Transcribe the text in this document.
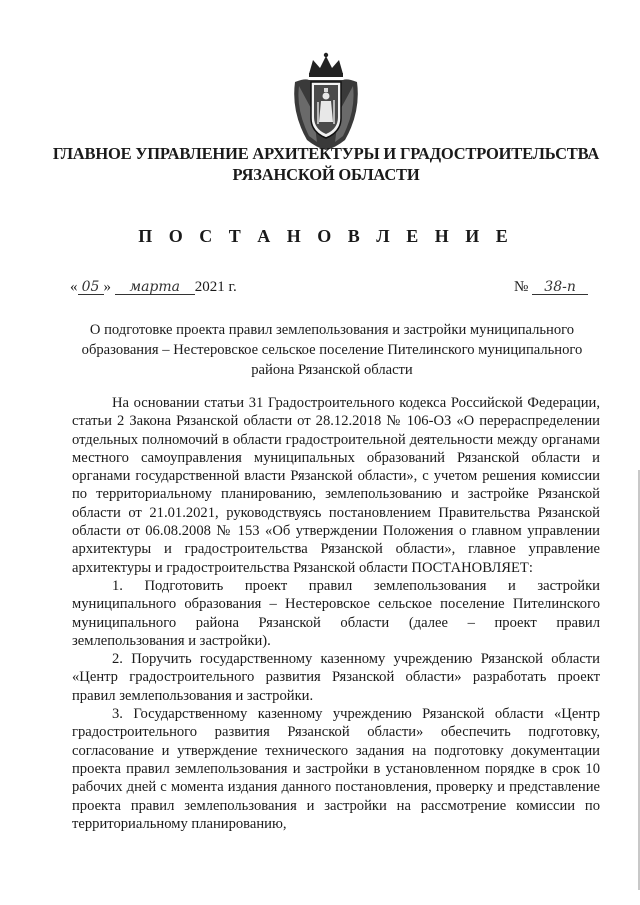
ГЛАВНОЕ УПРАВЛЕНИЕ АРХИТЕКТУРЫ И ГРАДОСТРОИТЕЛЬСТВА
РЯЗАНСКОЙ ОБЛАСТИ
П О С Т А Н О В Л Е Н И Е
« 05 » марта 2021 г.	№ 38-п
О подготовке проекта правил землепользования и застройки муниципального
образования – Нестеровское сельское поселение Пителинского муниципального
района Рязанской области

На основании статьи 31 Градостроительного кодекса Российской Федерации, статьи 2 Закона Рязанской области от 28.12.2018 № 106-ОЗ «О перераспределении отдельных полномочий в области градостроительной деятельности между органами местного самоуправления муниципальных образований Рязанской области и органами государственной власти Рязанской области», с учетом решения комиссии по территориальному планированию, землепользованию и застройке Рязанской области от 21.01.2021, руководствуясь постановлением Правительства Рязанской области от 06.08.2008 № 153 «Об утверждении Положения о главном управлении архитектуры и градостроительства Рязанской области», главное управление архитектуры и градостроительства Рязанской области ПОСТАНОВЛЯЕТ:

1. Подготовить проект правил землепользования и застройки муниципального образования – Нестеровское сельское поселение Пителинского муниципального района Рязанской области (далее – проект правил землепользования и застройки).

2. Поручить государственному казенному учреждению Рязанской области «Центр градостроительного развития Рязанской области» разработать проект правил землепользования и застройки.

3. Государственному казенному учреждению Рязанской области «Центр градостроительного развития Рязанской области» обеспечить подготовку, согласование и утверждение технического задания на подготовку документации проекта правил землепользования и застройки в установленном порядке в срок 10 рабочих дней с момента издания данного постановления, проверку и представление проекта правил землепользования и застройки на рассмотрение комиссии по территориальному планированию,
